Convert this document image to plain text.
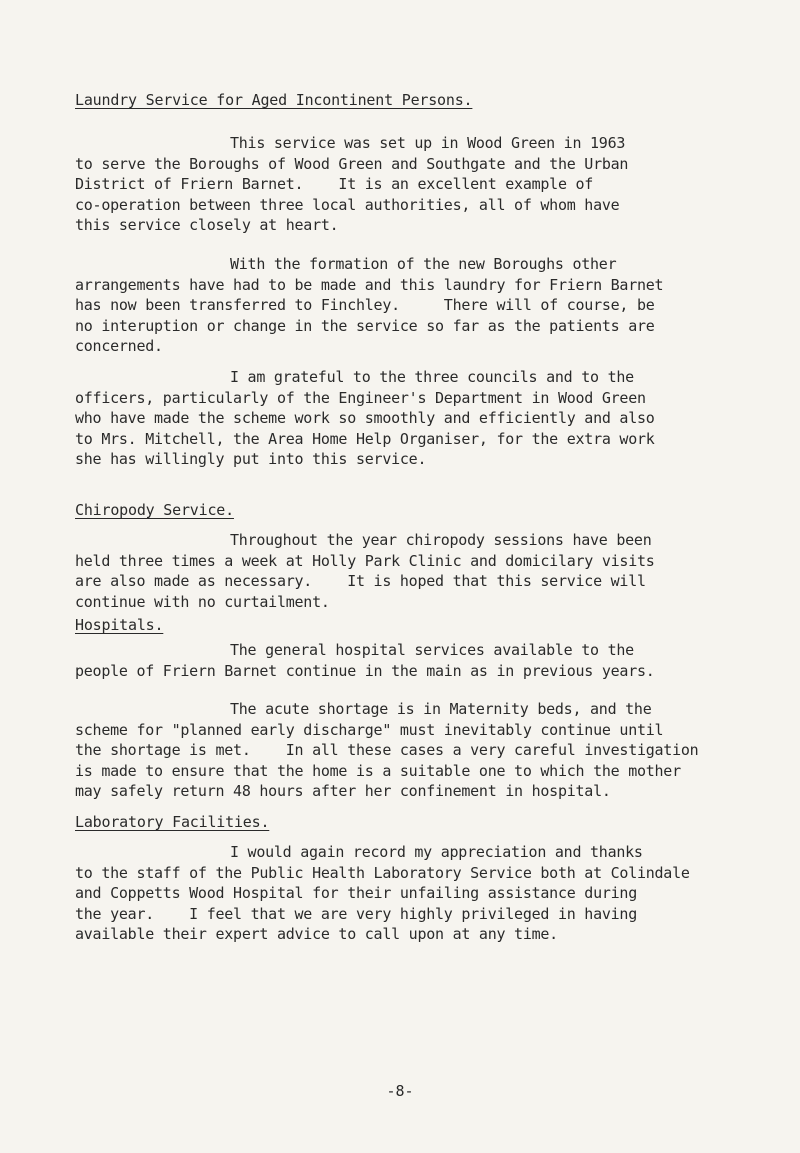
Laundry Service for Aged Incontinent Persons.
This service was set up in Wood Green in 1963
to serve the Boroughs of Wood Green and Southgate and the Urban
District of Friern Barnet.    It is an excellent example of
co-operation between three local authorities, all of whom have
this service closely at heart.
With the formation of the new Boroughs other
arrangements have had to be made and this laundry for Friern Barnet
has now been transferred to Finchley.     There will of course, be
no interuption or change in the service so far as the patients are
concerned.
I am grateful to the three councils and to the
officers, particularly of the Engineer's Department in Wood Green
who have made the scheme work so smoothly and efficiently and also
to Mrs. Mitchell, the Area Home Help Organiser, for the extra work
she has willingly put into this service.
Chiropody Service.
Throughout the year chiropody sessions have been
held three times a week at Holly Park Clinic and domicilary visits
are also made as necessary.    It is hoped that this service will
continue with no curtailment.
Hospitals.
The general hospital services available to the
people of Friern Barnet continue in the main as in previous years.
The acute shortage is in Maternity beds, and the
scheme for "planned early discharge" must inevitably continue until
the shortage is met.    In all these cases a very careful investigation
is made to ensure that the home is a suitable one to which the mother
may safely return 48 hours after her confinement in hospital.
Laboratory Facilities.
I would again record my appreciation and thanks
to the staff of the Public Health Laboratory Service both at Colindale
and Coppetts Wood Hospital for their unfailing assistance during
the year.    I feel that we are very highly privileged in having
available their expert advice to call upon at any time.
-8-
